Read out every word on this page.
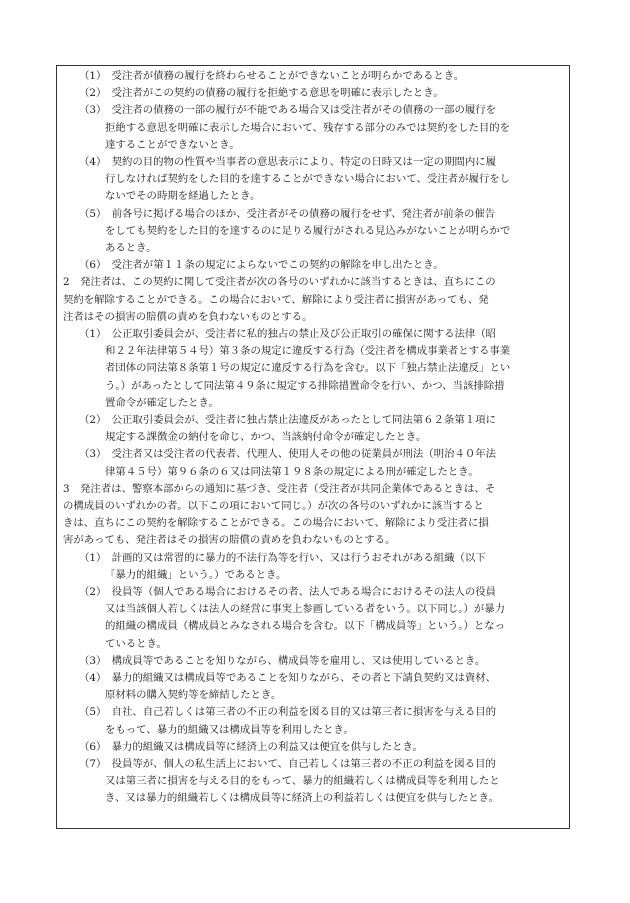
（1）　受注者が債務の履行を終わらせることができないことが明らかであるとき。
（2）　受注者がこの契約の債務の履行を拒絶する意思を明確に表示したとき。
（3）　受注者の債務の一部の履行が不能である場合又は受注者がその債務の一部の履行を
拒絶する意思を明確に表示した場合において、残存する部分のみでは契約をした目的を
達することができないとき。
（4）　契約の目的物の性質や当事者の意思表示により、特定の日時又は一定の期間内に履
行しなければ契約をした目的を達することができない場合において、受注者が履行をし
ないでその時期を経過したとき。
（5）　前各号に掲げる場合のほか、受注者がその債務の履行をせず、発注者が前条の催告
をしても契約をした目的を達するのに足りる履行がされる見込みがないことが明らかで
あるとき。
（6）　受注者が第１１条の規定によらないでこの契約の解除を申し出たとき。
2　発注者は、この契約に関して受注者が次の各号のいずれかに該当するときは、直ちにこの
契約を解除することができる。この場合において、解除により受注者に損害があっても、発
注者はその損害の賠償の責めを負わないものとする。
（1）　公正取引委員会が、受注者に私的独占の禁止及び公正取引の確保に関する法律（昭
和２２年法律第５４号）第３条の規定に違反する行為（受注者を構成事業者とする事業
者団体の同法第８条第１号の規定に違反する行為を含む。以下「独占禁止法違反」とい
う。）があったとして同法第４９条に規定する排除措置命令を行い、かつ、当該排除措
置命令が確定したとき。
（2）　公正取引委員会が、受注者に独占禁止法違反があったとして同法第６２条第１項に
規定する課徴金の納付を命じ、かつ、当該納付命令が確定したとき。
（3）　受注者又は受注者の代表者、代理人、使用人その他の従業員が刑法（明治４０年法
律第４５号）第９６条の６又は同法第１９８条の規定による刑が確定したとき。
3　発注者は、警察本部からの通知に基づき、受注者（受注者が共同企業体であるときは、そ
の構成員のいずれかの者。以下この項において同じ。）が次の各号のいずれかに該当すると
きは、直ちにこの契約を解除することができる。この場合において、解除により受注者に損
害があっても、発注者はその損害の賠償の責めを負わないものとする。
（1）　計画的又は常習的に暴力的不法行為等を行い、又は行うおそれがある組織（以下
「暴力的組織」という。）であるとき。
（2）　役員等（個人である場合におけるその者、法人である場合におけるその法人の役員
又は当該個人若しくは法人の経営に事実上参画している者をいう。以下同じ。）が暴力
的組織の構成員（構成員とみなされる場合を含む。以下「構成員等」という。）となっ
ているとき。
（3）　構成員等であることを知りながら、構成員等を雇用し、又は使用しているとき。
（4）　暴力的組織又は構成員等であることを知りながら、その者と下請負契約又は資材、
原材料の購入契約等を締結したとき。
（5）　自社、自己若しくは第三者の不正の利益を図る目的又は第三者に損害を与える目的
をもって、暴力的組織又は構成員等を利用したとき。
（6）　暴力的組織又は構成員等に経済上の利益又は便宜を供与したとき。
（7）　役員等が、個人の私生活上において、自己若しくは第三者の不正の利益を図る目的
又は第三者に損害を与える目的をもって、暴力的組織若しくは構成員等を利用したと
き、又は暴力的組織若しくは構成員等に経済上の利益若しくは便宜を供与したとき。
